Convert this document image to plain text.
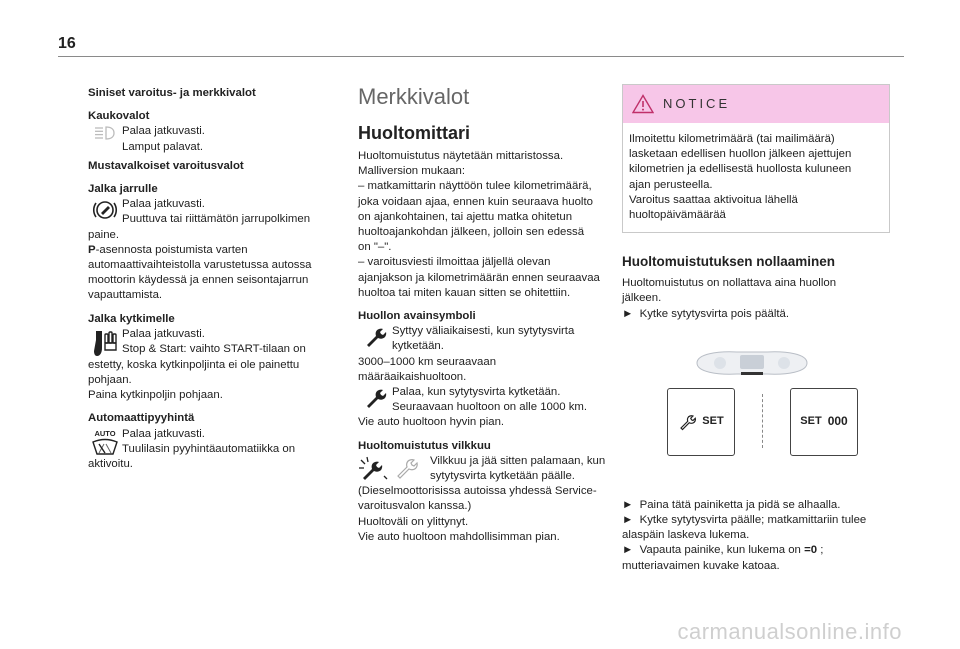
16

Siniset varoitus- ja merkkivalot

Kaukovalot

Palaa jatkuvasti.

Lamput palavat.

Mustavalkoiset varoitusvalot

Jalka jarrulle

Palaa jatkuvasti.

Puuttuva tai riittämätön jarrupolkimen

paine.

P-asennosta poistumista varten

automaattivaihteistolla varustetussa autossa

moottorin käydessä ja ennen seisontajarrun

vapauttamista.

Jalka kytkimelle

Palaa jatkuvasti.

Stop & Start: vaihto START-tilaan on

estetty, koska kytkinpoljinta ei ole painettu

pohjaan.

Paina kytkinpoljin pohjaan.

Automaattipyyhintä

AUTO Palaa jatkuvasti.

Tuulilasin pyyhintäautomatiikka on

aktivoitu.

Merkkivalot

Huoltomittari

Huoltomuistutus näytetään mittaristossa.

Malliversion mukaan:

– matkamittarin näyttöön tulee kilometrimäärä,

joka voidaan ajaa, ennen kuin seuraava huolto

on ajankohtainen, tai ajettu matka ohitetun

huoltoajankohdan jälkeen, jolloin sen edessä

on "–".

– varoitusviesti ilmoittaa jäljellä olevan

ajanjakson ja kilometrimäärän ennen seuraavaa

huoltoa tai miten kauan sitten se ohitettiin.

Huollon avainsymboli

Syttyy väliaikaisesti, kun sytytysvirta

kytketään.

3000–1000 km seuraavaan

määräaikaishuoltoon.

Palaa, kun sytytysvirta kytketään.

Seuraavaan huoltoon on alle 1000 km.

Vie auto huoltoon hyvin pian.

Huoltomuistutus vilkkuu

Vilkkuu ja jää sitten palamaan, kun

sytytysvirta kytketään päälle.

(Dieselmoottorisissa autoissa yhdessä Service-

varoitusvalon kanssa.)

Huoltoväli on ylittynyt.

Vie auto huoltoon mahdollisimman pian.

NOTICE

Ilmoitettu kilometrimäärä (tai mailimäärä)

lasketaan edellisen huollon jälkeen ajettujen

kilometrien ja edellisestä huollosta kuluneen

ajan perusteella.

Varoitus saattaa aktivoitua lähellä

huoltopäivämäärää

Huoltomuistutuksen nollaaminen

Huoltomuistutus on nollattava aina huollon

jälkeen.

► Kytke sytytysvirta pois päältä.

SET	SET 000

► Paina tätä painiketta ja pidä se alhaalla.

► Kytke sytytysvirta päälle; matkamittariin tulee

alaspäin laskeva lukema.

► Vapauta painike, kun lukema on =0 ;

mutteriavaimen kuvake katoaa.

carmanualsonline.info
